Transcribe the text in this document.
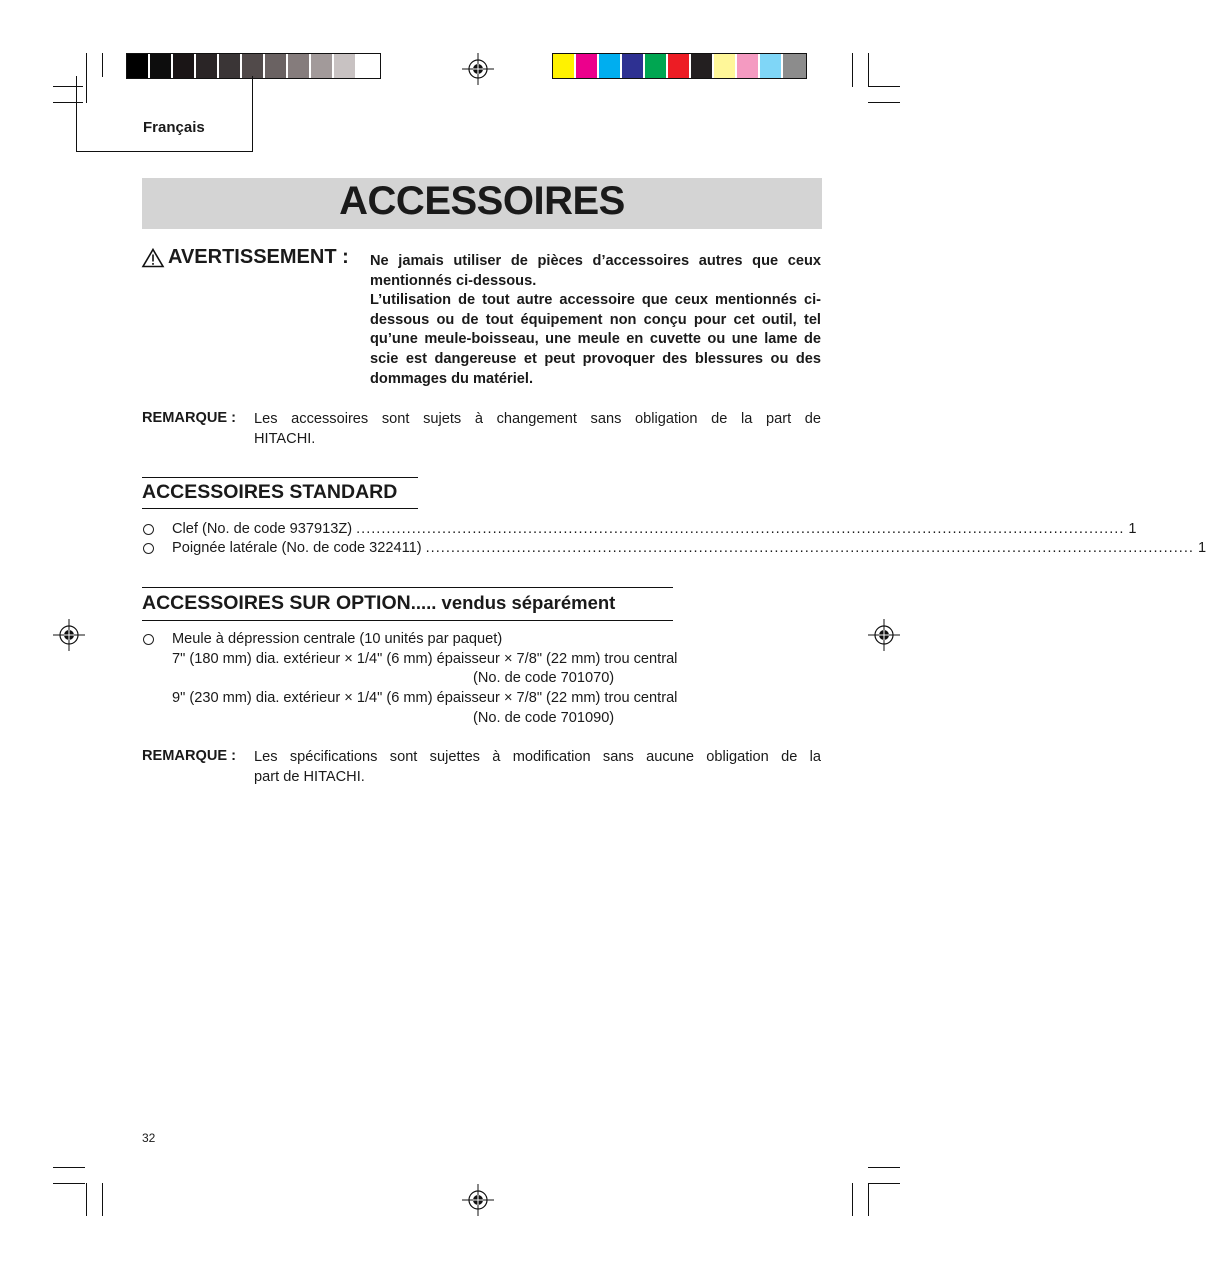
Français
ACCESSOIRES
AVERTISSEMENT : Ne jamais utiliser de pièces d’accessoires autres que ceux mentionnés ci-dessous.

L’utilisation de tout autre accessoire que ceux mentionnés ci-dessous ou de tout équipement non conçu pour cet outil, tel qu’une meule-boisseau, une meule en cuvette ou une lame de scie est dangereuse et peut provoquer des blessures ou des dommages du matériel.

REMARQUE : Les accessoires sont sujets à changement sans obligation de la part de
HITACHI.
ACCESSOIRES STANDARD
Clef (No. de code 937913Z) ........................................................................................................................................................ 1
Poignée latérale (No. de code 322411) ........................................................................................................................................................ 1
ACCESSOIRES SUR OPTION..... vendus séparément
Meule à dépression centrale (10 unités par paquet)
7" (180 mm) dia. extérieur × 1/4" (6 mm) épaisseur × 7/8" (22 mm) trou central
(No. de code 701070)
9" (230 mm) dia. extérieur × 1/4" (6 mm) épaisseur × 7/8" (22 mm) trou central
(No. de code 701090)
REMARQUE : Les spécifications sont sujettes à modification sans aucune obligation de la
part de HITACHI.
32
